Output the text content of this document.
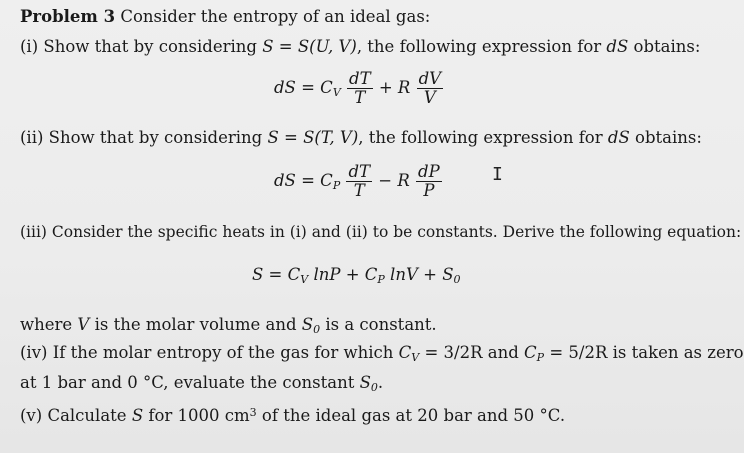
Problem 3 Consider the entropy of an ideal gas:
(i) Show that by considering S = S(U, V), the following expression for dS obtains:
dS = $C_V \frac{dT}{T} + R \frac{dV}{V}$
(ii) Show that by considering S = S(T, V), the following expression for dS obtains:
dS = $C_P \frac{dT}{T} - R \frac{dP}{P}$	I
(iii) Consider the specific heats in (i) and (ii) to be constants. Derive the following equation:
$S = C_V$ $\ln P + C_P$ $\ln V + S_0$
where V is the molar volume and $S_0$ is a constant.
(iv) If the molar entropy of the gas for which $C_V = 3/2R$ and $C_P = 5/2R$ is taken as zero
at 1 bar and 0 °C, evaluate the constant $S_0$.
(v) Calculate S for 1000 $cm^3$ of the ideal gas at 20 bar and 50 °C.
